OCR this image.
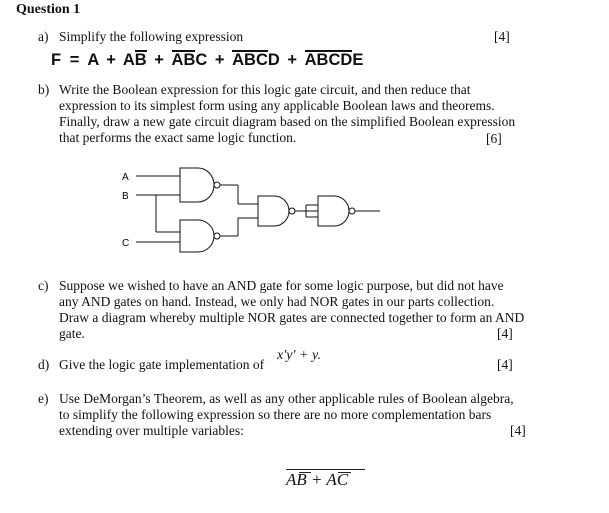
Question 1
a) Simplify the following expression	[4]
F = A + AB + ABC + ABCD + ABCDE
b) Write the Boolean expression for this logic gate circuit, and then reduce that
expression to its simplest form using any applicable Boolean laws and theorems.
Finally, draw a new gate circuit diagram based on the simplified Boolean expression
that performs the exact same logic function.	[6]
A
B
C
c) Suppose we wished to have an AND gate for some logic purpose, but did not have
any AND gates on hand. Instead, we only had NOR gates in our parts collection.
Draw a diagram whereby multiple NOR gates are connected together to form an AND
gate.	[4]
d) Give the logic gate implementation of
x′y′ + y.
[4]
e) Use DeMorgan’s Theorem, as well as any other applicable rules of Boolean algebra,
to simplify the following expression so there are no more complementation bars
extending over multiple variables:	[4]
AB + AC
